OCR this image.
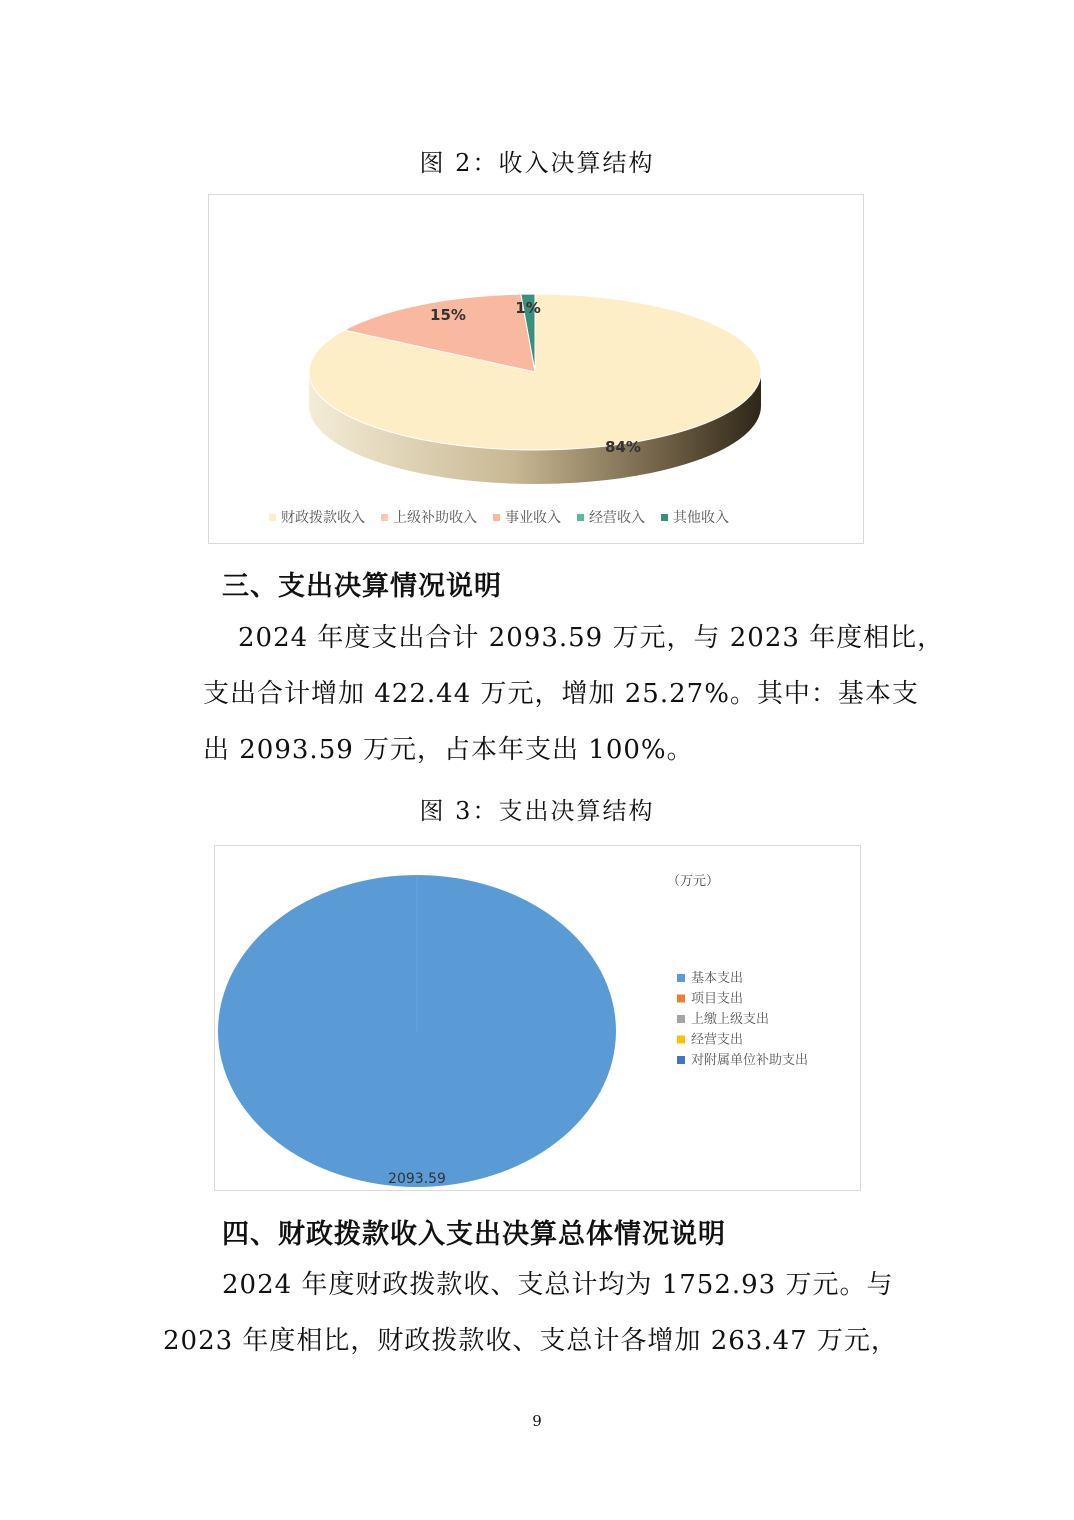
图 2：收入决算结构
1%
15%
84%
财政拨款收入 上级补助收入 事业收入 经营收入 其他收入
三、支出决算情况说明
2024 年度支出合计 2093.59 万元，与 2023 年度相比，
支出合计增加 422.44 万元，增加 25.27%。其中：基本支
出 2093.59 万元，占本年支出 100%。
图 3：支出决算结构
2093.59
（万元）
基本支出
项目支出
上缴上级支出
经营支出
对附属单位补助支出
四、财政拨款收入支出决算总体情况说明
2024 年度财政拨款收、支总计均为 1752.93 万元。与
2023 年度相比，财政拨款收、支总计各增加 263.47 万元，
9
